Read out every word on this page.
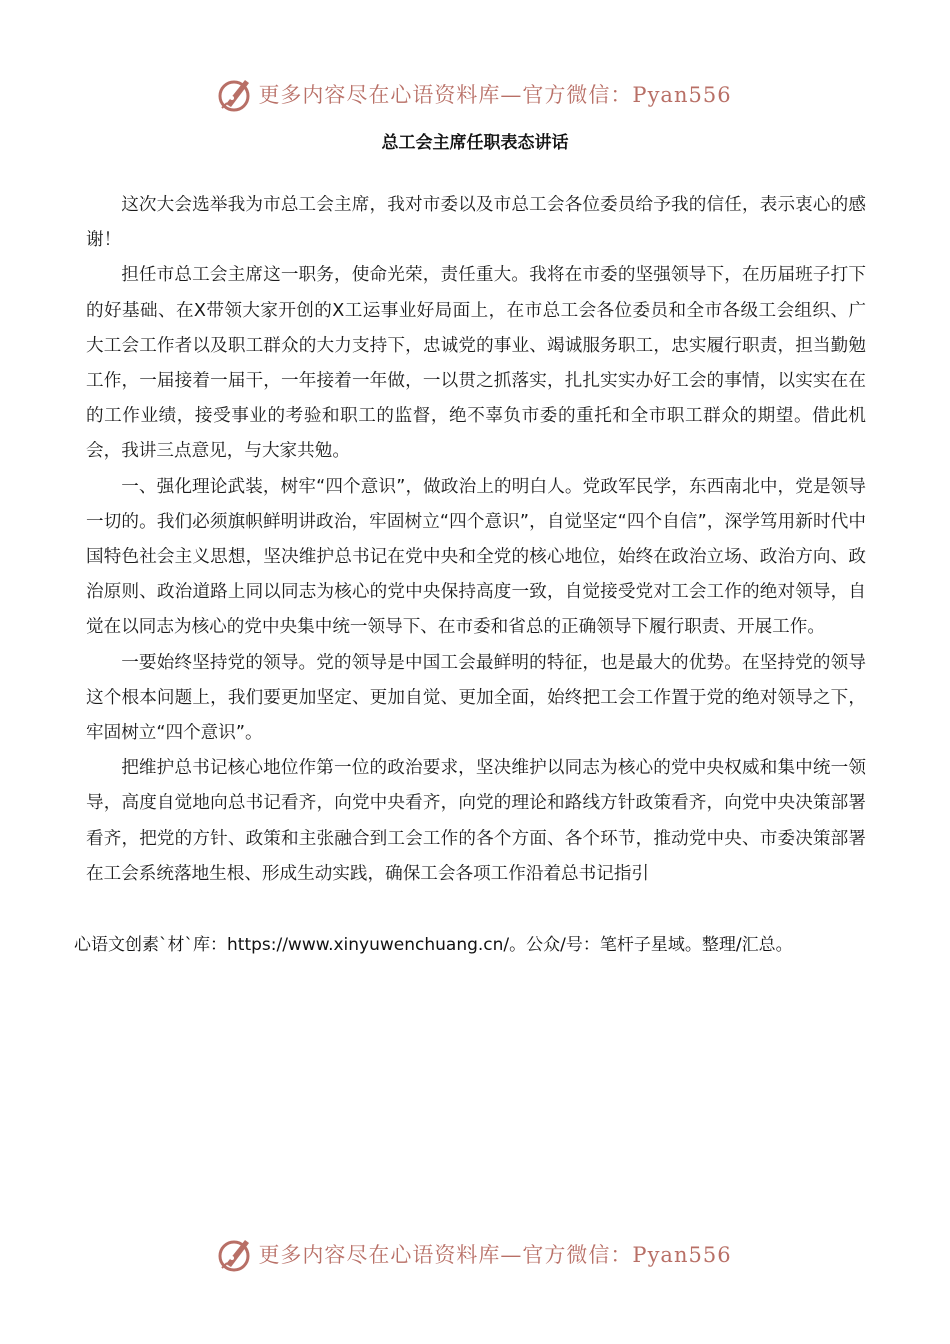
更多内容尽在心语资料库—官方微信：Pyan556
总工会主席任职表态讲话

这次大会选举我为市总工会主席，我对市委以及市总工会各位委员给予我的信任，表示衷心的感谢！

担任市总工会主席这一职务，使命光荣，责任重大。我将在市委的坚强领导下，在历届班子打下的好基础、在X带领大家开创的X工运事业好局面上，在市总工会各位委员和全市各级工会组织、广大工会工作者以及职工群众的大力支持下，忠诚党的事业、竭诚服务职工，忠实履行职责，担当勤勉工作，一届接着一届干，一年接着一年做，一以贯之抓落实，扎扎实实办好工会的事情，以实实在在的工作业绩，接受事业的考验和职工的监督，绝不辜负市委的重托和全市职工群众的期望。借此机会，我讲三点意见，与大家共勉。

一、强化理论武装，树牢“四个意识”，做政治上的明白人。党政军民学，东西南北中，党是领导一切的。我们必须旗帜鲜明讲政治，牢固树立“四个意识”，自觉坚定“四个自信”，深学笃用新时代中国特色社会主义思想，坚决维护总书记在党中央和全党的核心地位，始终在政治立场、政治方向、政治原则、政治道路上同以同志为核心的党中央保持高度一致，自觉接受党对工会工作的绝对领导，自觉在以同志为核心的党中央集中统一领导下、在市委和省总的正确领导下履行职责、开展工作。

一要始终坚持党的领导。党的领导是中国工会最鲜明的特征，也是最大的优势。在坚持党的领导这个根本问题上，我们要更加坚定、更加自觉、更加全面，始终把工会工作置于党的绝对领导之下，牢固树立“四个意识”。

把维护总书记核心地位作第一位的政治要求，坚决维护以同志为核心的党中央权威和集中统一领导，高度自觉地向总书记看齐，向党中央看齐，向党的理论和路线方针政策看齐，向党中央决策部署看齐，把党的方针、政策和主张融合到工会工作的各个方面、各个环节，推动党中央、市委决策部署在工会系统落地生根、形成生动实践，确保工会各项工作沿着总书记指引

心语文创素`材`库：https://www.xinyuwenchuang.cn/。公众/号：笔杆子星域。整理/汇总。
更多内容尽在心语资料库—官方微信：Pyan556
